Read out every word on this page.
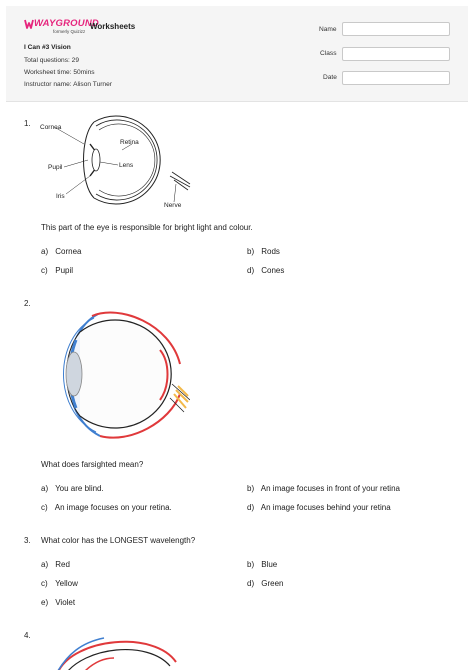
WAYGROUND
formerly Quizizz
Worksheets
I Can #3 Vision
Total questions: 29
Worksheet time: 50mins
Instructor name: Alison Turner
Name
Class
Date
1. Cornea
Retina
Pupil	Lens
Iris
Nerve
This part of the eye is responsible for bright light and colour.
a) Cornea	b) Rods
c) Pupil	d) Cones
2.
What does farsighted mean?
a) You are blind.	b) An image focuses in front of your retina
c) An image focuses on your retina.	d) An image focuses behind your retina
3. What color has the LONGEST wavelength?
a) Red	b) Blue
c) Yellow	d) Green
e) Violet
4.
